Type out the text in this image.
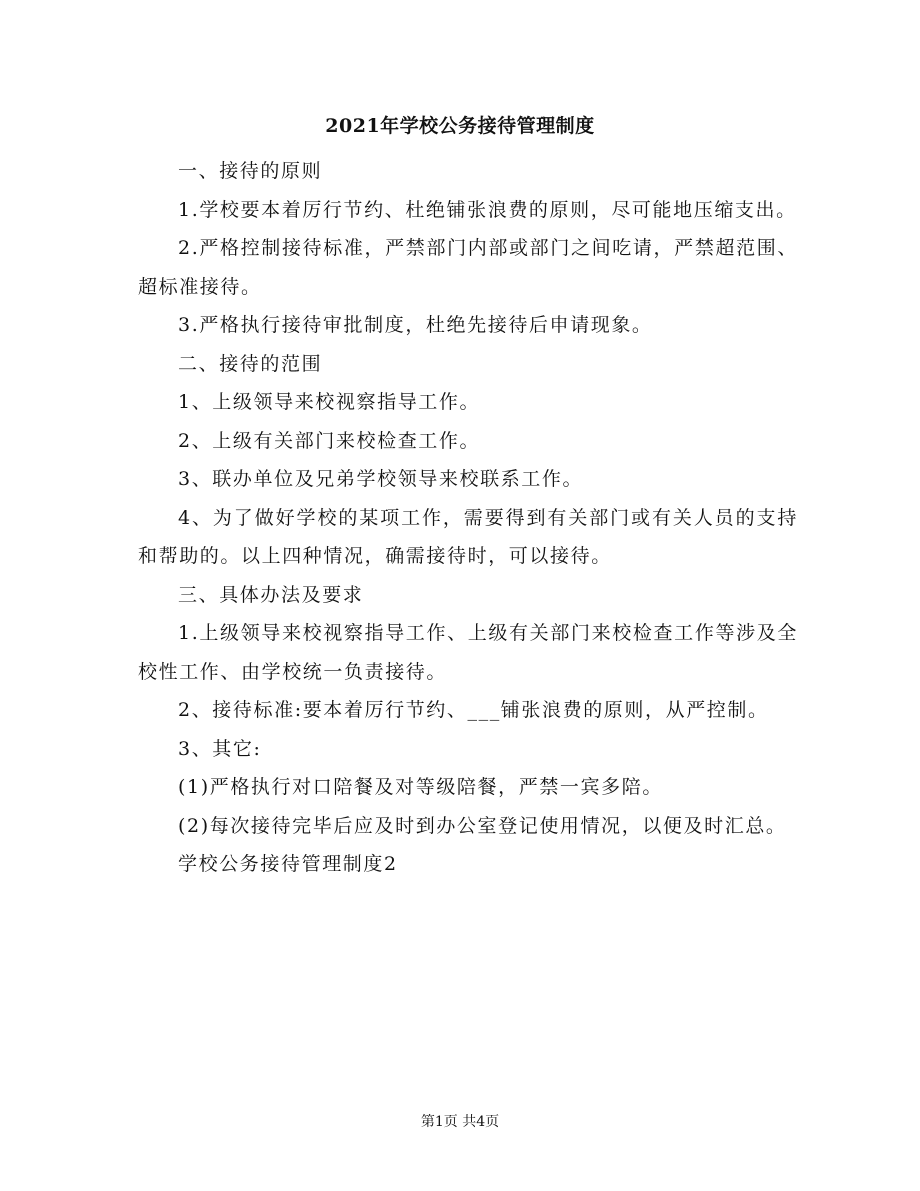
2021年学校公务接待管理制度

一、接待的原则

1.学校要本着厉行节约、杜绝铺张浪费的原则，尽可能地压缩支出。

2.严格控制接待标准，严禁部门内部或部门之间吃请，严禁超范围、超标准接待。

3.严格执行接待审批制度，杜绝先接待后申请现象。

二、接待的范围

1、上级领导来校视察指导工作。

2、上级有关部门来校检查工作。

3、联办单位及兄弟学校领导来校联系工作。

4、为了做好学校的某项工作，需要得到有关部门或有关人员的支持和帮助的。以上四种情况，确需接待时，可以接待。

三、具体办法及要求

1.上级领导来校视察指导工作、上级有关部门来校检查工作等涉及全校性工作、由学校统一负责接待。

2、接待标准:要本着厉行节约、___铺张浪费的原则，从严控制。

3、其它:

(1)严格执行对口陪餐及对等级陪餐，严禁一宾多陪。

(2)每次接待完毕后应及时到办公室登记使用情况，以便及时汇总。

学校公务接待管理制度2

第1页 共4页
